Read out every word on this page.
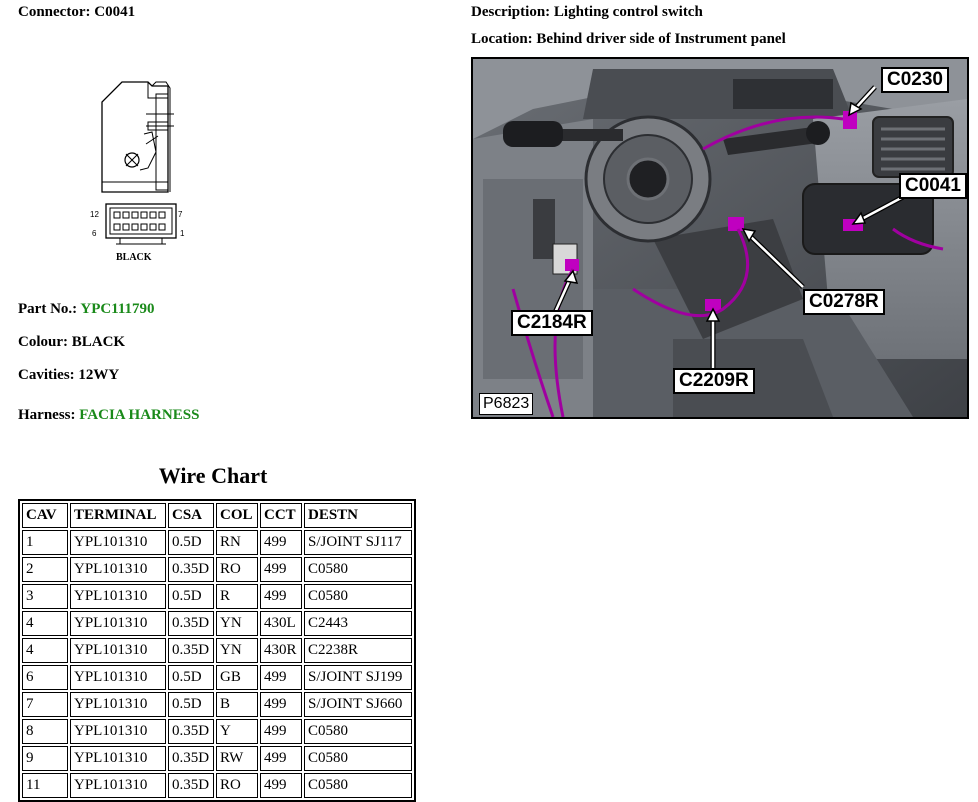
Connector: C0041	Description: Lighting control switch
Location: Behind driver side of Instrument panel
12	7
6	1
BLACK
Part No.: YPC111790
Colour: BLACK
Cavities: 12WY
Harness: FACIA HARNESS
C0230
C0041
C0278R
C2184R
C2209R
P6823
Wire Chart
CAV	TERMINAL	CSA	COL	CCT	DESTN
1	YPL101310	0.5D	RN	499	S/JOINT SJ117
2	YPL101310	0.35D	RO	499	C0580
3	YPL101310	0.5D	R	499	C0580
4	YPL101310	0.35D	YN	430L	C2443
4	YPL101310	0.35D	YN	430R	C2238R
6	YPL101310	0.5D	GB	499	S/JOINT SJ199
7	YPL101310	0.5D	B	499	S/JOINT SJ660
8	YPL101310	0.35D	Y	499	C0580
9	YPL101310	0.35D	RW	499	C0580
11	YPL101310	0.35D	RO	499	C0580
